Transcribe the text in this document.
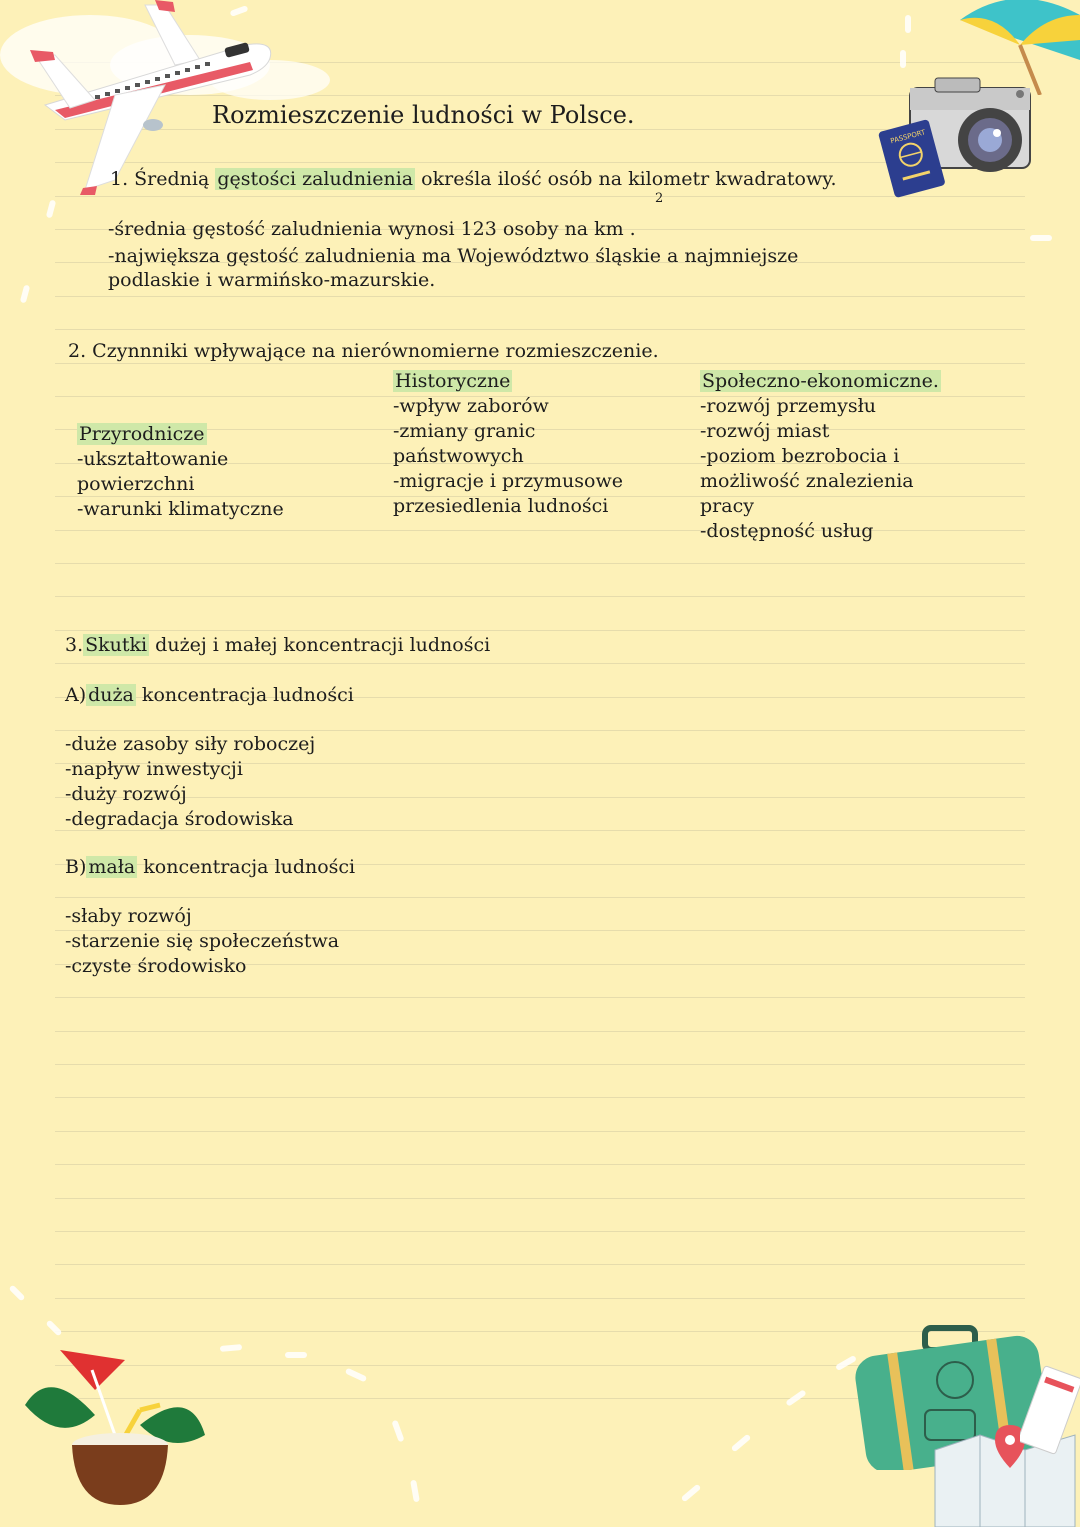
PASSPORT
Rozmieszczenie ludności w Polsce.
1. Średnią gęstości zaludnienia określa ilość osób na kilometr kwadratowy.
2
-średnia gęstość zaludnienia wynosi 123 osoby na km .
-największa gęstość zaludnienia ma Województwo śląskie a najmniejsze
podlaskie i warmińsko-mazurskie.
2. Czynnniki wpływające na nierównomierne rozmieszczenie.
Przyrodnicze
-ukształtowanie
powierzchni
-warunki klimatyczne
Historyczne
-wpływ zaborów
-zmiany granic
państwowych
-migracje i przymusowe
przesiedlenia ludności
Społeczno-ekonomiczne.
-rozwój przemysłu
-rozwój miast
-poziom bezrobocia i
możliwość znalezienia
pracy
-dostępność usług
3. Skutki dużej i małej koncentracji ludności
A) duża koncentracja ludności
-duże zasoby siły roboczej
-napływ inwestycji
-duży rozwój
-degradacja środowiska
B) mała koncentracja ludności
-słaby rozwój
-starzenie się społeczeństwa
-czyste środowisko
